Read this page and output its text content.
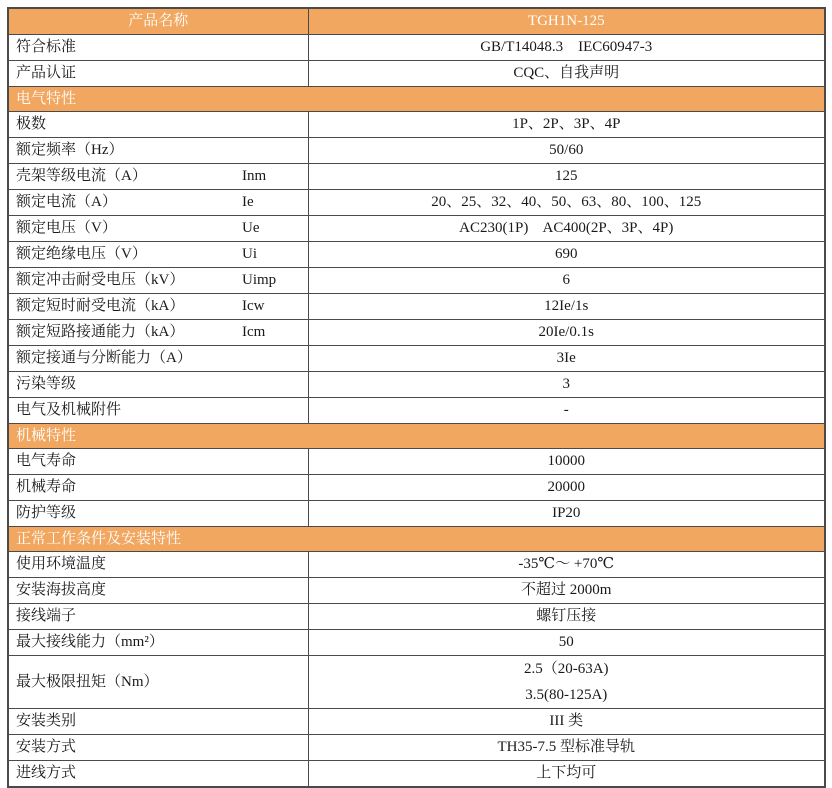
产品名称	TGH1N-125
符合标准	GB/T14048.3    IEC60947-3
产品认证	CQC、自我声明
电气特性	
极数	1P、2P、3P、4P
额定频率（Hz）	50/60
壳架等级电流（A） Inm	125
额定电流（A） Ie	20、25、32、40、50、63、80、100、125
额定电压（V） Ue	AC230(1P)    AC400(2P、3P、4P)
额定绝缘电压（V） Ui	690
额定冲击耐受电压（kV） Uimp	6
额定短时耐受电流（kA） Icw	12Ie/1s
额定短路接通能力（kA） Icm	20Ie/0.1s
额定接通与分断能力（A）	3Ie
污染等级	3
电气及机械附件	-
机械特性	
电气寿命	10000
机械寿命	20000
防护等级	IP20
正常工作条件及安装特性	
使用环境温度	-35℃～ +70℃
安装海拔高度	不超过 2000m
接线端子	螺钉压接
最大接线能力（mm²）	50
最大极限扭矩（Nm）	2.5（20-63A)
3.5(80-125A)

安装类别	III 类
安装方式	TH35-7.5 型标准导轨
进线方式	上下均可
